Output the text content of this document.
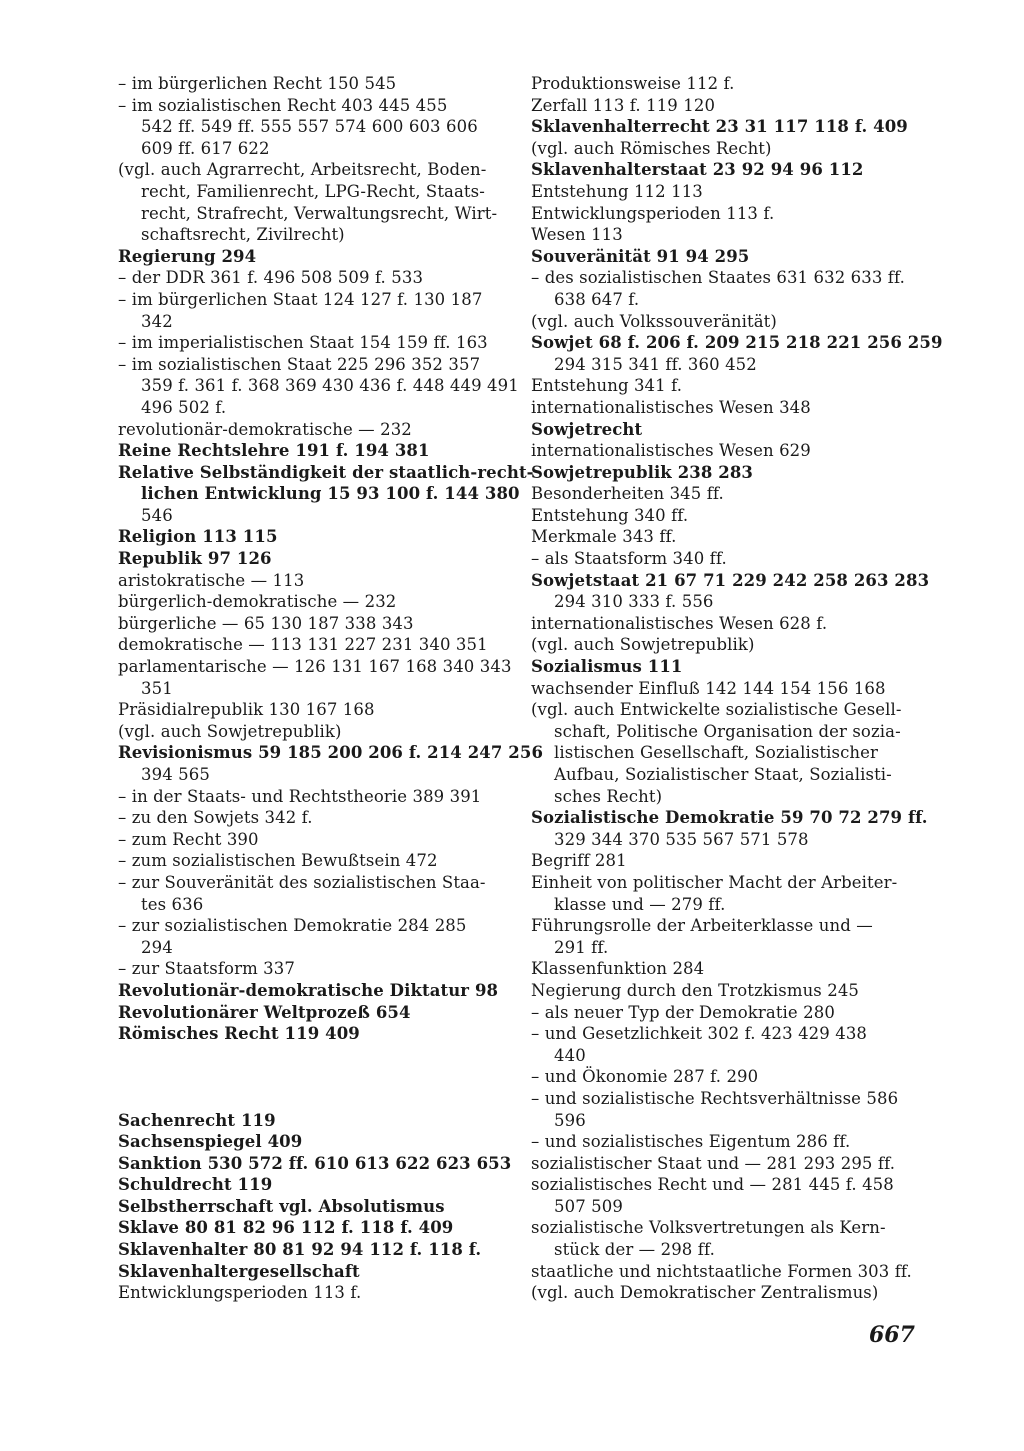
– im bürgerlichen Recht 150 545
– im sozialistischen Recht 403 445 455
542 ff. 549 ff. 555 557 574 600 603 606
609 ff. 617 622
(vgl. auch Agrarrecht, Arbeitsrecht, Boden-
recht, Familienrecht, LPG-Recht, Staats-
recht, Strafrecht, Verwaltungsrecht, Wirt-
schaftsrecht, Zivilrecht)
Regierung 294
– der DDR 361 f. 496 508 509 f. 533
– im bürgerlichen Staat 124 127 f. 130 187
342
– im imperialistischen Staat 154 159 ff. 163
– im sozialistischen Staat 225 296 352 357
359 f. 361 f. 368 369 430 436 f. 448 449 491
496 502 f.
revolutionär-demokratische — 232
Reine Rechtslehre 191 f. 194 381
Relative Selbständigkeit der staatlich-recht-
lichen Entwicklung 15 93 100 f. 144 380
546
Religion 113 115
Republik 97 126
aristokratische — 113
bürgerlich-demokratische — 232
bürgerliche — 65 130 187 338 343
demokratische — 113 131 227 231 340 351
parlamentarische — 126 131 167 168 340 343
351
Präsidialrepublik 130 167 168
(vgl. auch Sowjetrepublik)
Revisionismus 59 185 200 206 f. 214 247 256
394 565
– in der Staats- und Rechtstheorie 389 391
– zu den Sowjets 342 f.
– zum Recht 390
– zum sozialistischen Bewußtsein 472
– zur Souveränität des sozialistischen Staa-
tes 636
– zur sozialistischen Demokratie 284 285
294
– zur Staatsform 337
Revolutionär-demokratische Diktatur 98
Revolutionärer Weltprozeß 654
Römisches Recht 119 409
Sachenrecht 119
Sachsenspiegel 409
Sanktion 530 572 ff. 610 613 622 623 653
Schuldrecht 119
Selbstherrschaft vgl. Absolutismus
Sklave 80 81 82 96 112 f. 118 f. 409
Sklavenhalter 80 81 92 94 112 f. 118 f.
Sklavenhaltergesellschaft
Entwicklungsperioden 113 f.
Produktionsweise 112 f.
Zerfall 113 f. 119 120
Sklavenhalterrecht 23 31 117 118 f. 409
(vgl. auch Römisches Recht)
Sklavenhalterstaat 23 92 94 96 112
Entstehung 112 113
Entwicklungsperioden 113 f.
Wesen 113
Souveränität 91 94 295
– des sozialistischen Staates 631 632 633 ff.
638 647 f.
(vgl. auch Volkssouveränität)
Sowjet 68 f. 206 f. 209 215 218 221 256 259
294 315 341 ff. 360 452
Entstehung 341 f.
internationalistisches Wesen 348
Sowjetrecht
internationalistisches Wesen 629
Sowjetrepublik 238 283
Besonderheiten 345 ff.
Entstehung 340 ff.
Merkmale 343 ff.
– als Staatsform 340 ff.
Sowjetstaat 21 67 71 229 242 258 263 283
294 310 333 f. 556
internationalistisches Wesen 628 f.
(vgl. auch Sowjetrepublik)
Sozialismus 111
wachsender Einfluß 142 144 154 156 168
(vgl. auch Entwickelte sozialistische Gesell-
schaft, Politische Organisation der sozia-
listischen Gesellschaft, Sozialistischer
Aufbau, Sozialistischer Staat, Sozialisti-
sches Recht)
Sozialistische Demokratie 59 70 72 279 ff.
329 344 370 535 567 571 578
Begriff 281
Einheit von politischer Macht der Arbeiter-
klasse und — 279 ff.
Führungsrolle der Arbeiterklasse und —
291 ff.
Klassenfunktion 284
Negierung durch den Trotzkismus 245
– als neuer Typ der Demokratie 280
– und Gesetzlichkeit 302 f. 423 429 438
440
– und Ökonomie 287 f. 290
– und sozialistische Rechtsverhältnisse 586
596
– und sozialistisches Eigentum 286 ff.
sozialistischer Staat und — 281 293 295 ff.
sozialistisches Recht und — 281 445 f. 458
507 509
sozialistische Volksvertretungen als Kern-
stück der — 298 ff.
staatliche und nichtstaatliche Formen 303 ff.
(vgl. auch Demokratischer Zentralismus)
667
